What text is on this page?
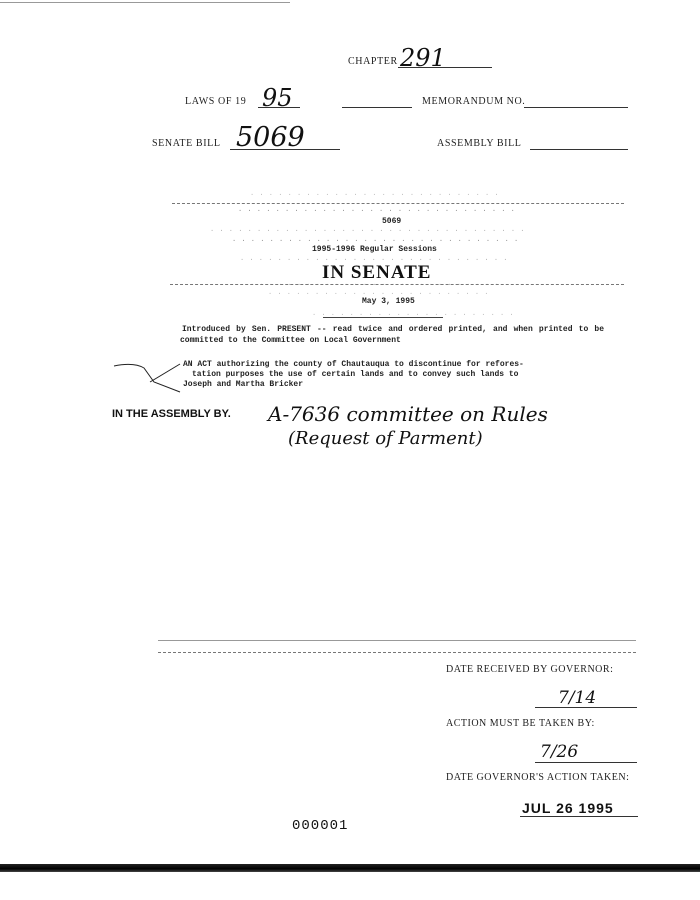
CHAPTER 291
LAWS OF 19 95	MEMORANDUM NO.
SENATE BILL 5069	ASSEMBLY BILL
. . . . . . . . . . . . . . . . . . . . . . . . . . .
. . . . . . . . . . . . . . . . . . . . . . . . . . . . . .
. . . . . . . . . . . . . . . . . . . . . . . . . . . . . . . . . .
. . . . . . . . . . . . . . . . . . . . . . . . . . . . . . .
. . . . . . . . . . . . . . . . . . . . . . . . . . . . .
. . . . . . . . . . . . . . . . . . . . . . . . . . .
. . . . . . . . . . . . . . . . . . . . . . . .
. . . . . . . . . . . . . . . . . . . . . .
5069
1995-1996 Regular Sessions
IN SENATE
May 3, 1995
Introduced by Sen. PRESENT -- read twice and ordered printed, and when printed to be committed to the Committee on Local Government
AN ACT authorizing the county of Chautauqua to discontinue for refores-
tation purposes the use of certain lands and to convey such lands to
Joseph and Martha Bricker
IN THE ASSEMBLY BY. A-7636 committee on Rules
(Request of Parment)
DATE RECEIVED BY GOVERNOR:
7/14
ACTION MUST BE TAKEN BY:
7/26
DATE GOVERNOR'S ACTION TAKEN:
JUL 26 1995
000001
